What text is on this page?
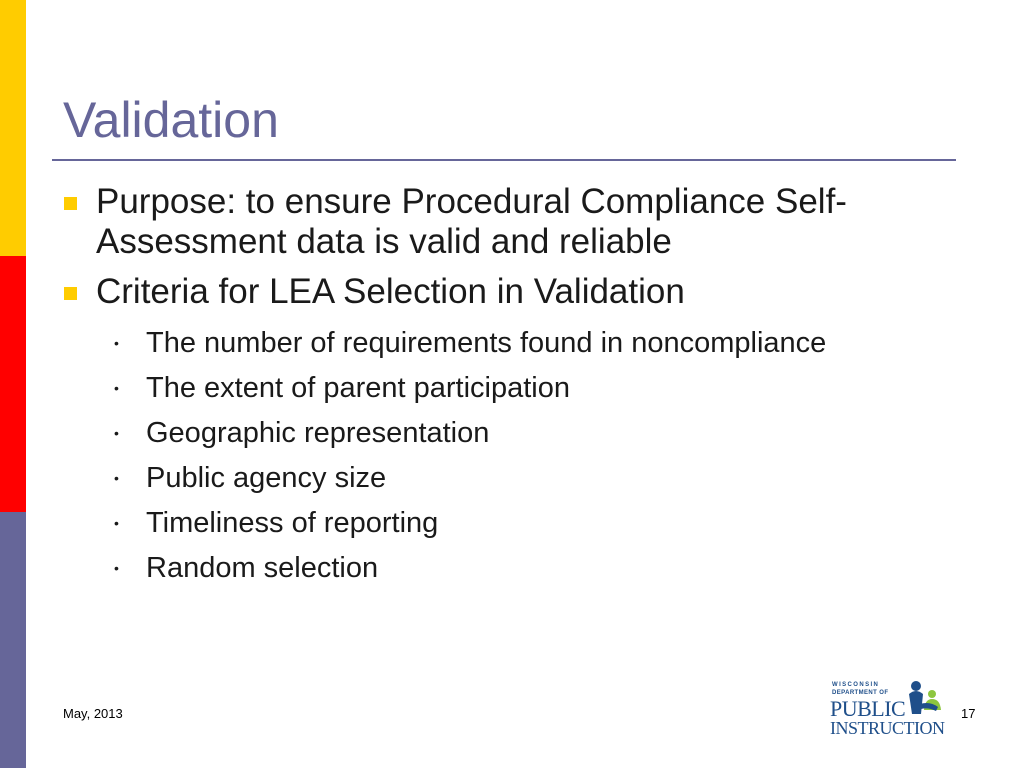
Validation
Purpose: to ensure Procedural Compliance Self-Assessment data is valid and reliable
Criteria for LEA Selection in Validation
• The number of requirements found in noncompliance
• The extent of parent participation
• Geographic representation
• Public agency size
• Timeliness of reporting
• Random selection
May, 2013
WISCONSIN
DEPARTMENT OF
PUBLIC
INSTRUCTION
17
